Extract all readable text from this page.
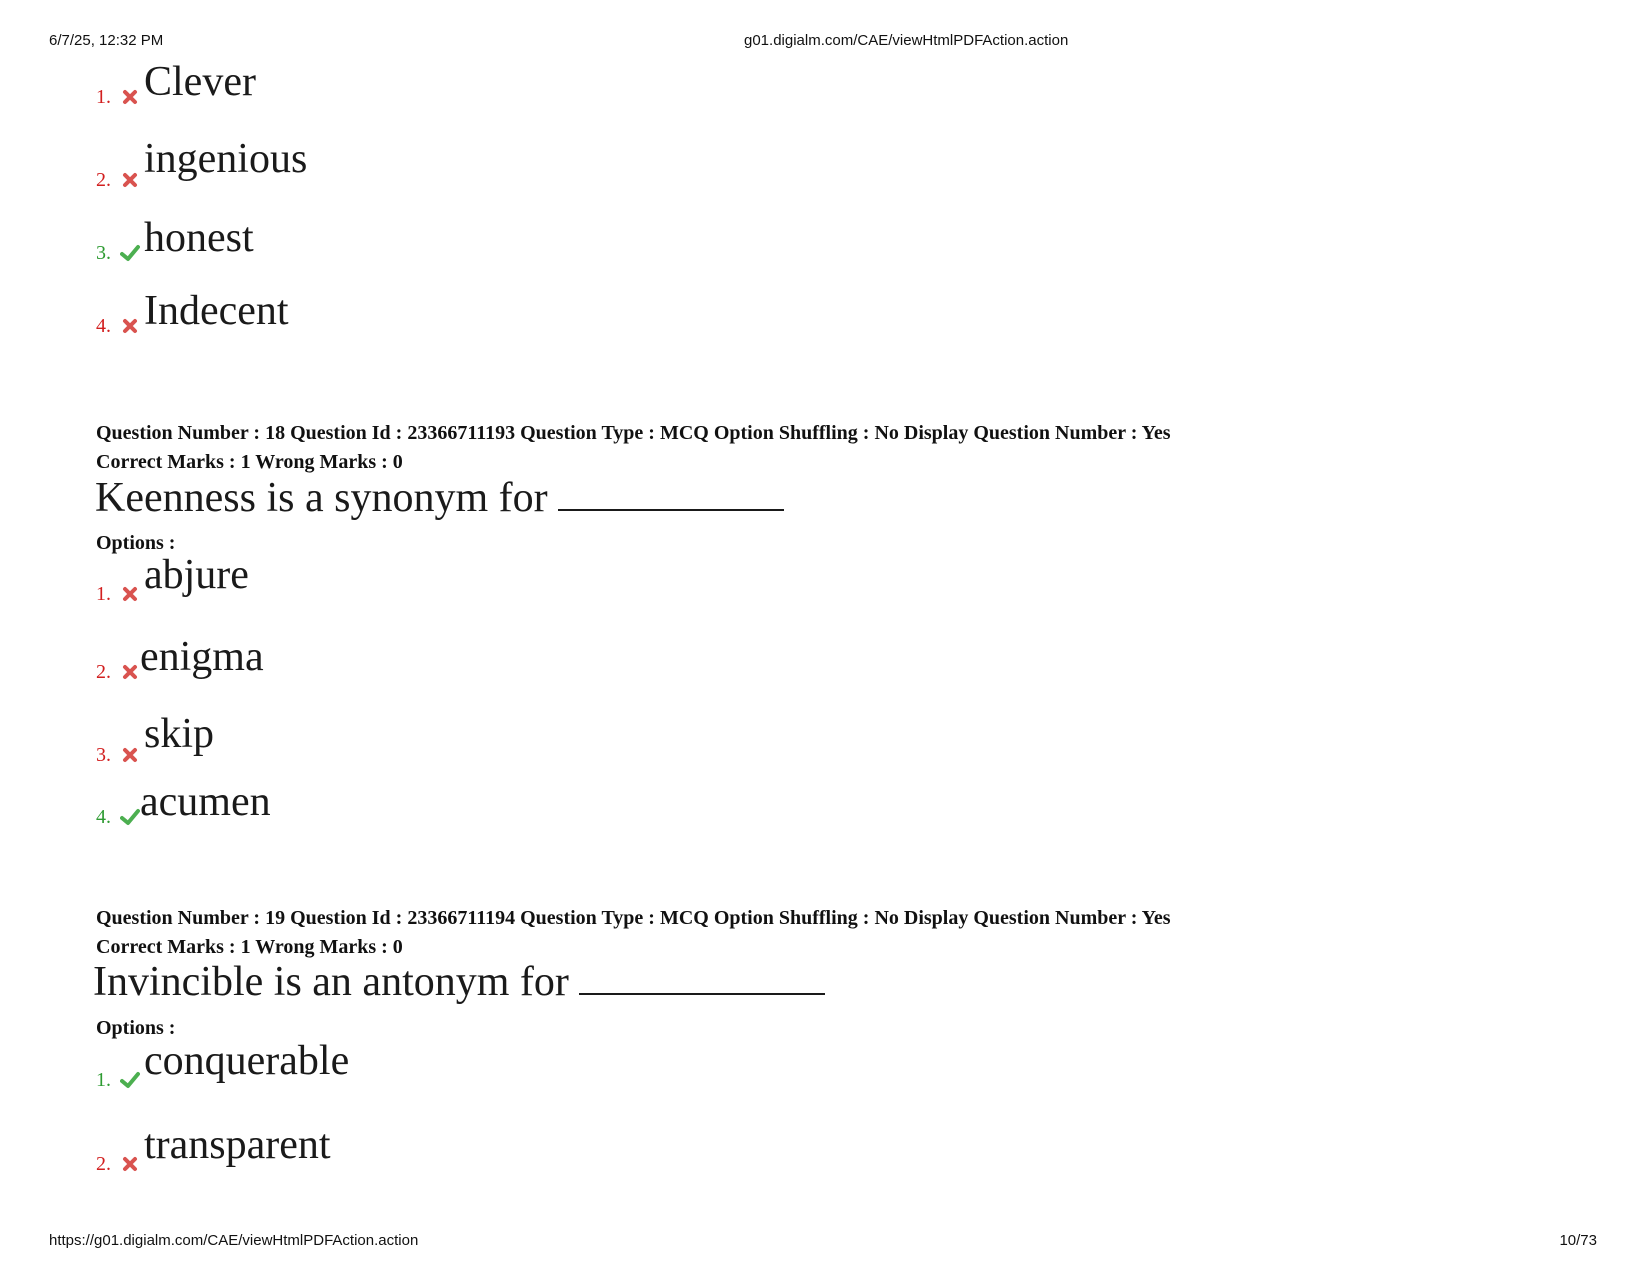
6/7/25, 12:32 PM	g01.digialm.com/CAE/viewHtmlPDFAction.action
1. Clever
2. ingenious
3. honest
4. Indecent
Question Number : 18 Question Id : 23366711193 Question Type : MCQ Option Shuffling : No Display Question Number : Yes
Correct Marks : 1 Wrong Marks : 0
Keenness is a synonym for
Options :
1. abjure
2. enigma
3. skip
4. acumen
Question Number : 19 Question Id : 23366711194 Question Type : MCQ Option Shuffling : No Display Question Number : Yes
Correct Marks : 1 Wrong Marks : 0
Invincible is an antonym for
Options :
1. conquerable
2. transparent
https://g01.digialm.com/CAE/viewHtmlPDFAction.action	10/73
